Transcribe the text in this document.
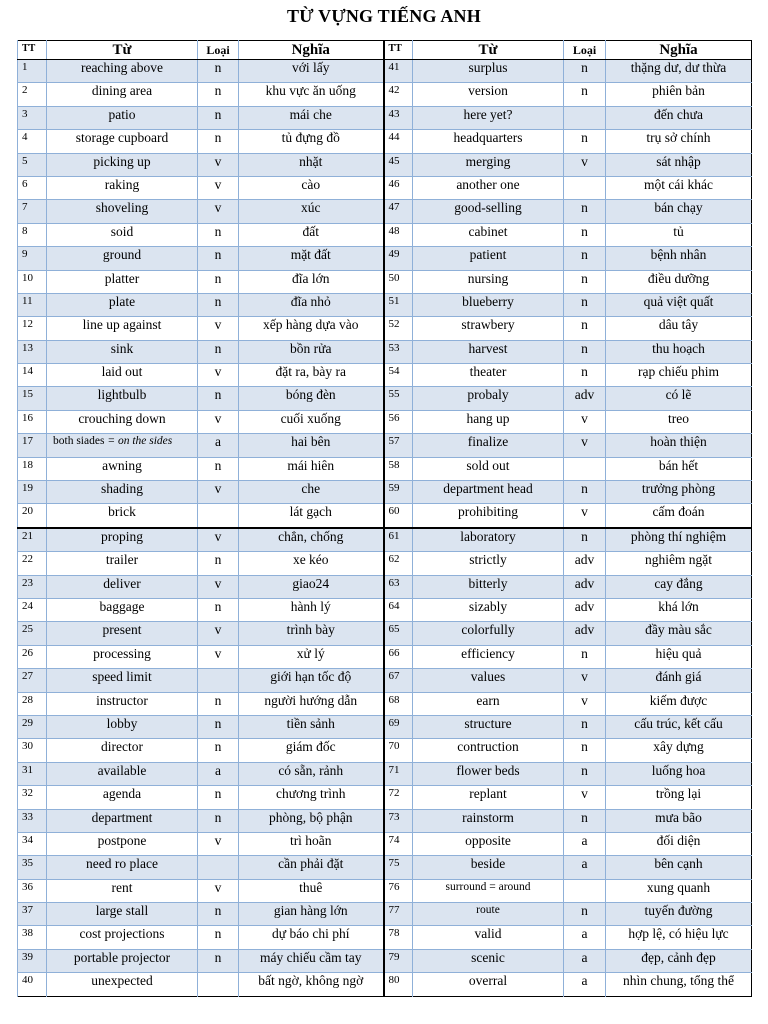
TỪ VỰNG TIẾNG ANH
TT	Từ	Loại	Nghĩa	TT	Từ	Loại	Nghĩa
1	reaching above	n	với lấy	41	surplus	n	thặng dư, dư thừa
2	dining area	n	khu vực ăn uống	42	version	n	phiên bản
3	patio	n	mái che	43	here yet?		đến chưa
4	storage cupboard	n	tủ đựng đồ	44	headquarters	n	trụ sở chính
5	picking up	v	nhặt	45	merging	v	sát nhập
6	raking	v	cào	46	another one		một cái khác
7	shoveling	v	xúc	47	good-selling	n	bán chạy
8	soid	n	đất	48	cabinet	n	tủ
9	ground	n	mặt đất	49	patient	n	bệnh nhân
10	platter	n	đĩa lớn	50	nursing	n	điều dưỡng
11	plate	n	đĩa nhỏ	51	blueberry	n	quả việt quất
12	line up against	v	xếp hàng dựa vào	52	strawbery	n	dâu tây
13	sink	n	bồn rửa	53	harvest	n	thu hoạch
14	laid out	v	đặt ra, bày ra	54	theater	n	rạp chiếu phim
15	lightbulb	n	bóng đèn	55	probaly	adv	có lẽ
16	crouching down	v	cuối xuống	56	hang up	v	treo
17	both siades = on the sides	a	hai bên	57	finalize	v	hoàn thiện
18	awning	n	mái hiên	58	sold out		bán hết
19	shading	v	che	59	department head	n	trưởng phòng
20	brick		lát gạch	60	prohibiting	v	cấm đoán
21	proping	v	chẳn, chống	61	laboratory	n	phòng thí nghiệm
22	trailer	n	xe kéo	62	strictly	adv	nghiêm ngặt
23	deliver	v	giao24	63	bitterly	adv	cay đắng
24	baggage	n	hành lý	64	sizably	adv	khá lớn
25	present	v	trình bày	65	colorfully	adv	đầy màu sắc
26	processing	v	xử lý	66	efficiency	n	hiệu quả
27	speed limit		giới hạn tốc độ	67	values	v	đánh giá
28	instructor	n	người hướng dẫn	68	earn	v	kiếm được
29	lobby	n	tiền sảnh	69	structure	n	cấu trúc, kết cấu
30	director	n	giám đốc	70	contruction	n	xây dựng
31	available	a	có sẵn, rảnh	71	flower beds	n	luống hoa
32	agenda	n	chương trình	72	replant	v	trồng lại
33	department	n	phòng, bộ phận	73	rainstorm	n	mưa bão
34	postpone	v	trì hoãn	74	opposite	a	đối diện
35	need ro place		cần phải đặt	75	beside	a	bên cạnh
36	rent	v	thuê	76	surround = around		xung quanh
37	large stall	n	gian hàng lớn	77	route	n	tuyến đường
38	cost projections	n	dự báo chi phí	78	valid	a	hợp lệ, có hiệu lực
39	portable projector	n	máy chiếu cầm tay	79	scenic	a	đẹp, cảnh đẹp
40	unexpected		bất ngờ, không ngờ	80	overral	a	nhìn chung, tổng thể
